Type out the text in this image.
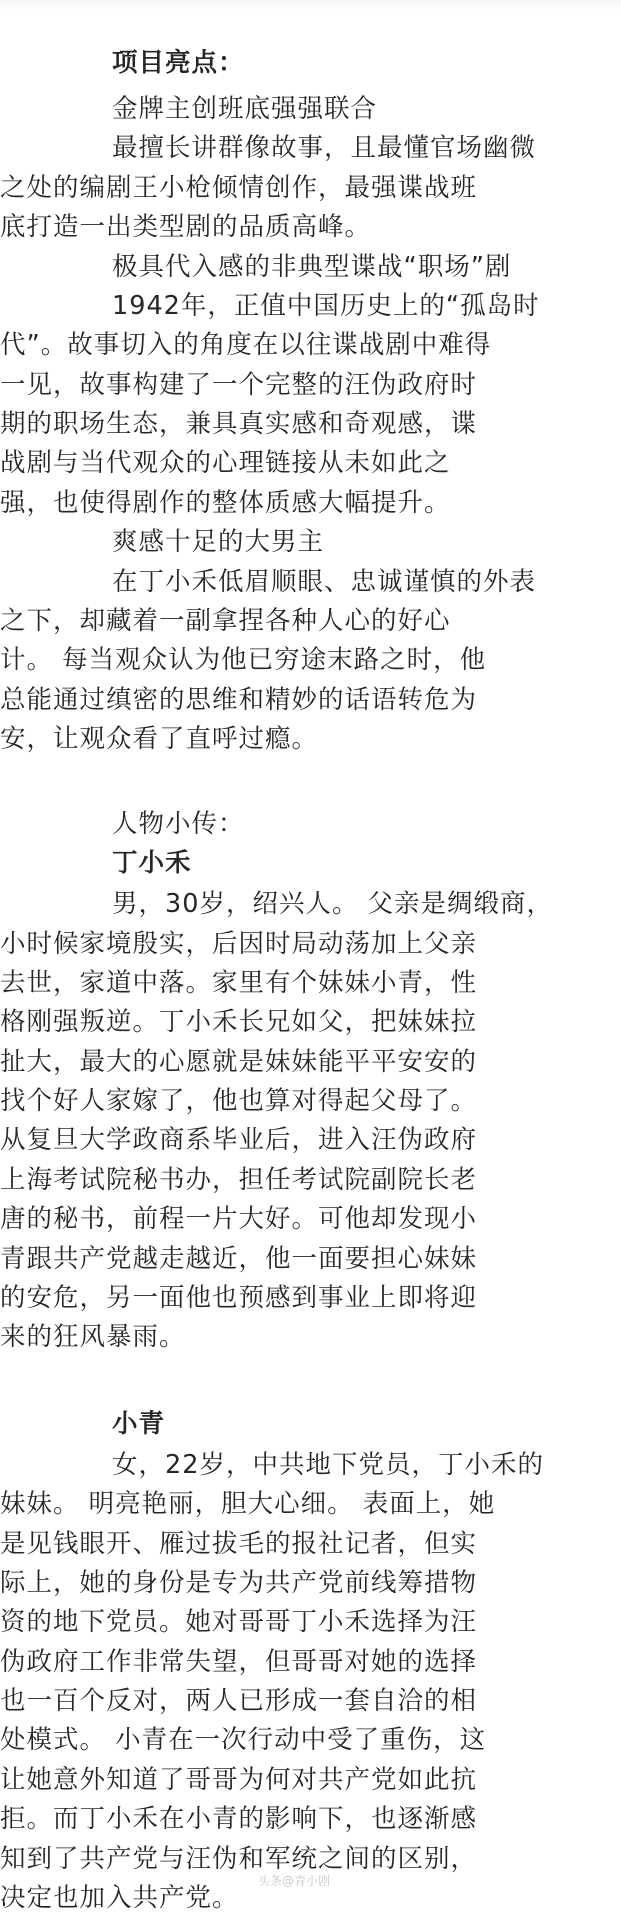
项目亮点：

金牌主创班底强强联合

最擅长讲群像故事，且最懂官场幽微

之处的编剧王小枪倾情创作，最强谍战班

底打造一出类型剧的品质高峰。

极具代入感的非典型谍战“职场”剧

1942年，正值中国历史上的“孤岛时

代”。故事切入的角度在以往谍战剧中难得

一见，故事构建了一个完整的汪伪政府时

期的职场生态，兼具真实感和奇观感，谍

战剧与当代观众的心理链接从未如此之

强，也使得剧作的整体质感大幅提升。

爽感十足的大男主

在丁小禾低眉顺眼、忠诚谨慎的外表

之下，却藏着一副拿捏各种人心的好心

计。 每当观众认为他已穷途末路之时，他

总能通过缜密的思维和精妙的话语转危为

安，让观众看了直呼过瘾。

人物小传：

丁小禾

男，30岁，绍兴人。 父亲是绸缎商，

小时候家境殷实，后因时局动荡加上父亲

去世，家道中落。家里有个妹妹小青，性

格刚强叛逆。丁小禾长兄如父，把妹妹拉

扯大，最大的心愿就是妹妹能平平安安的

找个好人家嫁了，他也算对得起父母了。

从复旦大学政商系毕业后，进入汪伪政府

上海考试院秘书办，担任考试院副院长老

唐的秘书，前程一片大好。可他却发现小

青跟共产党越走越近，他一面要担心妹妹

的安危，另一面他也预感到事业上即将迎

来的狂风暴雨。

小青

女，22岁，中共地下党员，丁小禾的

妹妹。 明亮艳丽，胆大心细。 表面上，她

是见钱眼开、雁过拔毛的报社记者，但实

际上，她的身份是专为共产党前线筹措物

资的地下党员。她对哥哥丁小禾选择为汪

伪政府工作非常失望，但哥哥对她的选择

也一百个反对，两人已形成一套自洽的相

处模式。 小青在一次行动中受了重伤，这

让她意外知道了哥哥为何对共产党如此抗

拒。而丁小禾在小青的影响下，也逐渐感

知到了共产党与汪伪和军统之间的区别，

决定也加入共产党。

头条@青小剧
